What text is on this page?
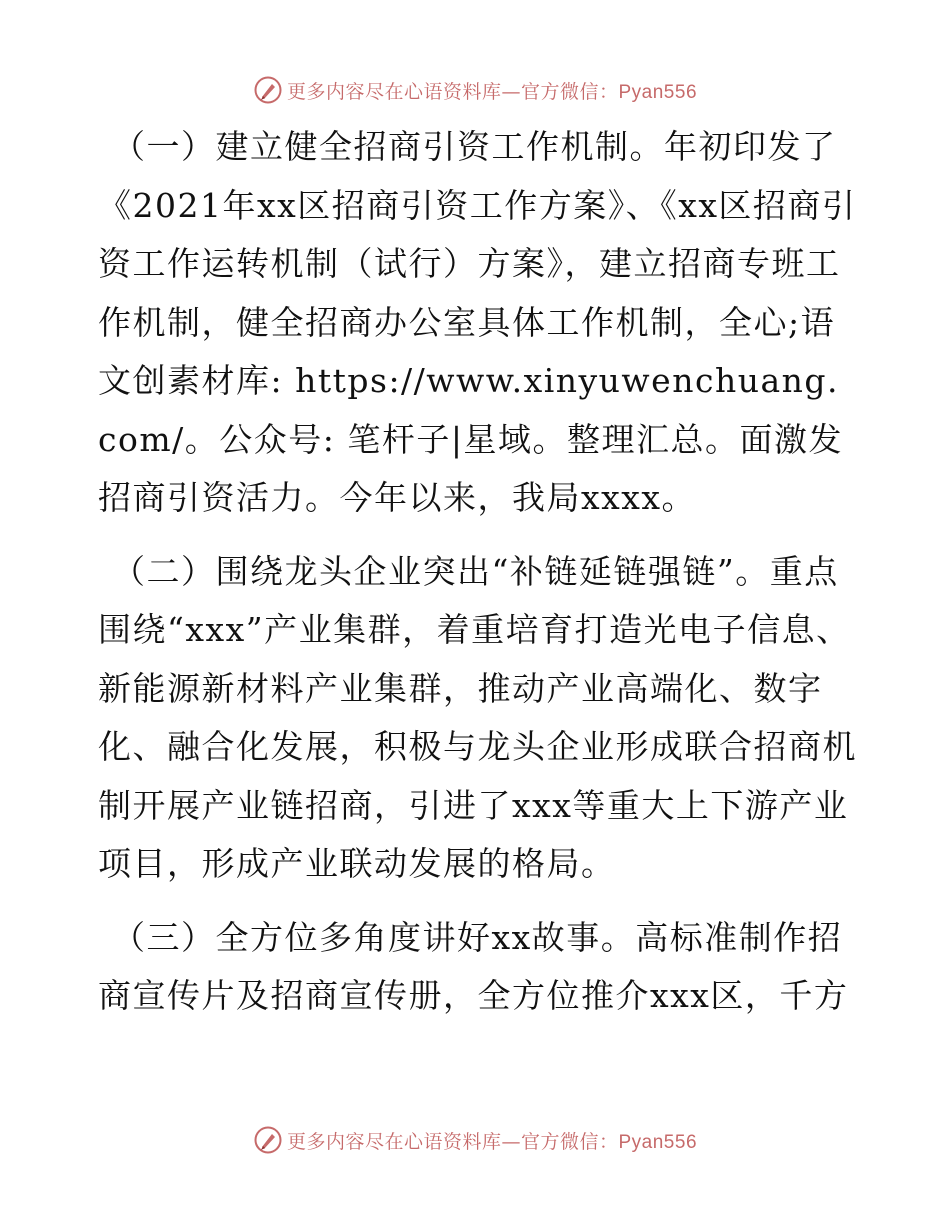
更多内容尽在心语资料库—官方微信：Pyan556

（一）建立健全招商引资工作机制。年初印发了《2021年xx区招商引资工作方案》、《xx区招商引资工作运转机制（试行）方案》，建立招商专班工作机制，健全招商办公室具体工作机制，全心;语文创素材库: https://www.xinyuwenchuang.com/。公众号: 笔杆子|星域。整理汇总。面激发招商引资活力。今年以来，我局xxxx。

（二）围绕龙头企业突出“补链延链强链”。重点围绕“xxx”产业集群，着重培育打造光电子信息、新能源新材料产业集群，推动产业高端化、数字化、融合化发展，积极与龙头企业形成联合招商机制开展产业链招商，引进了xxx等重大上下游产业项目，形成产业联动发展的格局。

（三）全方位多角度讲好xx故事。高标准制作招商宣传片及招商宣传册，全方位推介xxx区，千方

更多内容尽在心语资料库—官方微信：Pyan556
